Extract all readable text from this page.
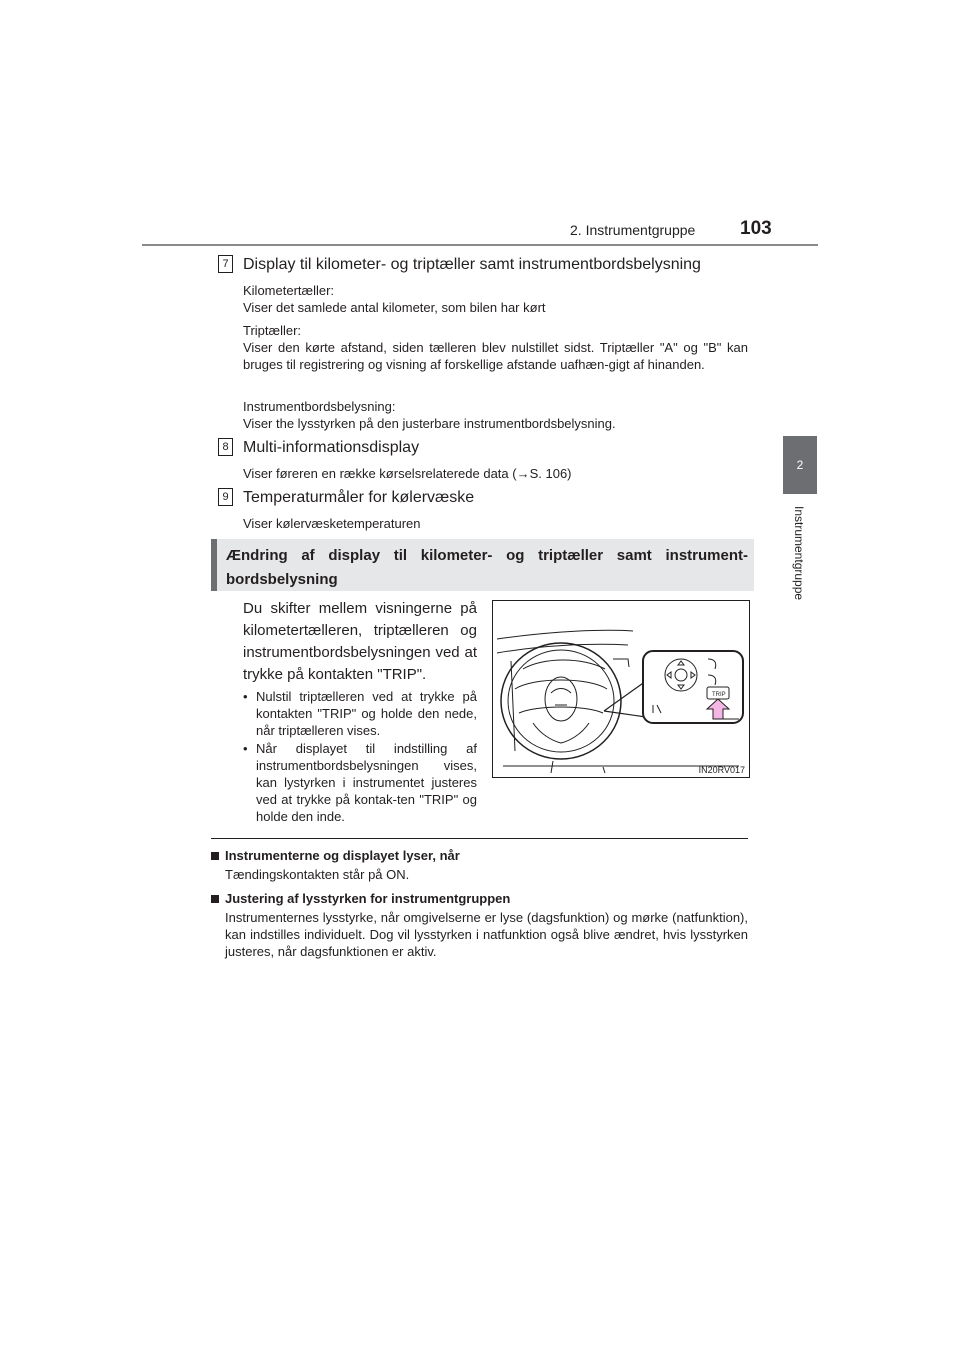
2. Instrumentgruppe 103
2
Instrumentgruppe
7 Display til kilometer- og triptæller samt instrumentbordsbelysning
Kilometertæller:
Viser det samlede antal kilometer, som bilen har kørt
Triptæller:
Viser den kørte afstand, siden tælleren blev nulstillet sidst. Triptæller "A" og "B" kan bruges til registrering og visning af forskellige afstande uafhæn-gigt af hinanden.
Instrumentbordsbelysning:
Viser the lysstyrken på den justerbare instrumentbordsbelysning.
8 Multi-informationsdisplay
Viser føreren en række kørselsrelaterede data (→S. 106)
9 Temperaturmåler for kølervæske
Viser kølervæsketemperaturen
Ændring af display til kilometer- og triptæller samt instrument-bordsbelysning
Du skifter mellem visningerne på kilometertælleren, triptælleren og instrumentbordsbelysningen ved at trykke på kontakten "TRIP".
• Nulstil triptælleren ved at trykke på kontakten "TRIP" og holde den nede, når triptælleren vises.
• Når displayet til indstilling af instrumentbordsbelysningen vises, kan lystyrken i instrumentet justeres ved at trykke på kontak-ten "TRIP" og holde den inde.
TRIP
IN20RV017
Instrumenterne og displayet lyser, når
Tændingskontakten står på ON.
Justering af lysstyrken for instrumentgruppen
Instrumenternes lysstyrke, når omgivelserne er lyse (dagsfunktion) og mørke (natfunktion), kan indstilles individuelt. Dog vil lysstyrken i natfunktion også blive ændret, hvis lysstyrken justeres, når dagsfunktionen er aktiv.
